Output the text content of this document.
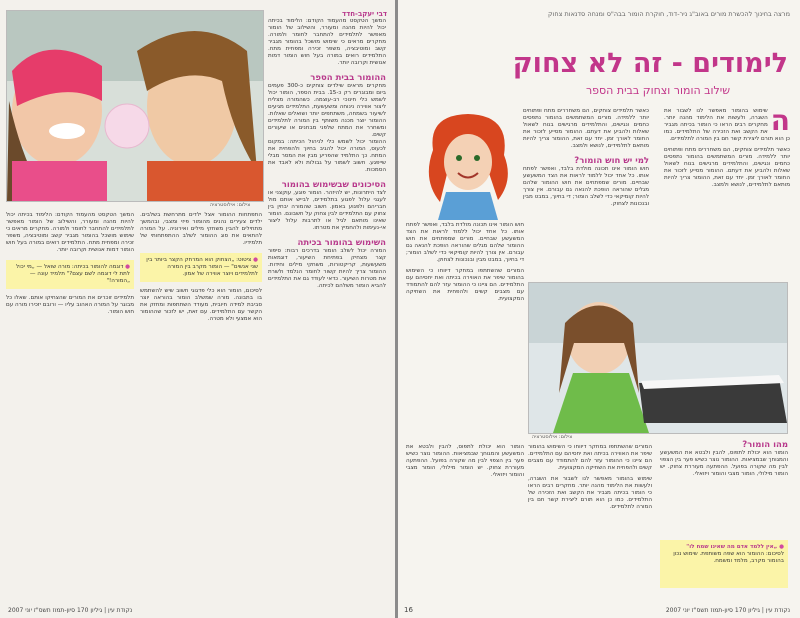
דבי יעקב-חדד
צילום: אילוסטרציה
המשך הטקסט מהעמוד הקודם: הלימוד בכיתה יכול להיות מהנה ומעורר, והשילוב של הומור מאפשר לתלמידים להתחבר לחומר ולמורה. מחקרים מראים כי שימוש מושכל בהומור מגביר קשב ומוטיבציה, משפר זכירה ומפחית מתח. התלמידים רואים במורה בעל חוש הומור דמות אנושית וקרובה יותר.
ההומור בבית הספר
מחקרים מראים שילדים צוחקים כ-300 פעמים ביום ומבוגרים רק כ-15. בבית הספר, הומור יכול לשמש כלי חינוכי רב-עוצמה. כשהמורה מצליח ליצור אווירה נינוחה ומשעשעת, התלמידים מגיעים לשיעור בשמחה, משתתפים יותר ושואלים שאלות. ההומור יוצר מכנה משותף בין המורה לתלמידים ומשחרר את המתח שלפני מבחנים או שיעורים קשים.
ההומור יכול לשמש כלי לניהול הכיתה: במקום לכעוס, המורה יכול להגיב בחיוך ולהפחית את המתח. כך התלמיד שהפריע מבין את המסר מבלי שייפגע. חשוב לשמור על גבולות ולא לאבד את הסמכות.
הסיכונים שבשימוש בהומור
לצד היתרונות, יש להיזהר. הומור פוגע, עוקצני או לעגני עלול לפגוע בתלמידים, לבייש אותם מול חבריהם ולפגוע באמון. חשוב שהמורה יבחין בין צחוק עם התלמידים לבין צחוק על חשבונם. הומור שאינו מותאם לגיל או לתרבות עלול ליצור אי-נעימות ולהחמיץ את מטרתו.
השימוש בהומור בכיתה
המורה יכול לשלב הומור בדרכים רבות: סיפור קצר מצחיק בפתיחת השיעור, דוגמאות משעשעות, קריקטורות, משחקי מילים וחידות. ההומור צריך להיות קשור לחומר הנלמד ולשרת את מטרות השיעור. כדאי לעודד גם את התלמידים להביא הומור משלהם לכיתה.
התפתחות ההומור אצל ילדים מתרחשת בשלבים. ילדים צעירים נהנים מהומור פיזי ומצבי, ובהמשך מתחילים להבין משחקי מילים ואירוניה. על המורה להתאים את סוג ההומור לשלב ההתפתחותי של תלמידיו.
● ציטוט: „הצחוק הוא המרחק הקצר ביותר בין שני אנשים" — הומור מקרב בין המורה לתלמידים ויוצר אווירה של אמון.
לסיכום, הומור הוא כלי פדגוגי חשוב שיש להשתמש בו בתבונה. מורה שמשלב הומור בהוראה יוצר סביבת למידה חיובית, מעודד השתתפות ומחזק את הקשר עם התלמידים. עם זאת, יש לזכור שההומור הוא אמצעי ולא מטרה.
המשך הטקסט מהעמוד הקודם: הלימוד בכיתה יכול להיות מהנה ומעורר, והשילוב של הומור מאפשר לתלמידים להתחבר לחומר ולמורה. מחקרים מראים כי שימוש מושכל בהומור מגביר קשב ומוטיבציה, משפר זכירה ומפחית מתח. התלמידים רואים במורה בעל חוש הומור דמות אנושית וקרובה יותר.
● דוגמה להומור בכיתה: מורה שואל — „מי יכול לתת לי דוגמה לשם עצם?" תלמיד עונה — „המורה!"
תלמידים זוכרים את המורים שהצחיקו אותם. שאלו כל מבוגר על המורה האהוב עליו — ורובם יזכירו מורה עם חוש הומור.
נקודת עין | גיליון 170 סיון-תמוז תשס"ז יוני 2007
מרצה בחינוך להכשרת מורים באוב"ג ניר-דוד, חוקרת הומור בבה"ס ומנחה סדנאות צחוק
לימודים - זה לא צחוק
שילוב הומור וצחוק בבית הספר
ה
שימוש בהומור מאפשר לנו לשבור את השגרה, ולעשות את הלימוד מהנה יותר. מחקרים רבים הראו כי הומור בכיתה מגביר את הקשב ואת הזכירה של התלמידים. כמו כן הוא תורם ליצירת קשר חם בין המורה לתלמידים.
כאשר תלמידים צוחקים, הם משחררים מתח ופתוחים יותר ללמידה. מורים המשתמשים בהומור נתפסים כחמים ונגישים, והתלמידים מרגישים בנוח לשאול שאלות ולהביע את דעתם. ההומור מסייע לזכור את החומר לאורך זמן. יחד עם זאת, ההומור צריך להיות מותאם לתלמידים, לנושא ולמצב.
כאשר תלמידים צוחקים, הם משחררים מתח ופתוחים יותר ללמידה. מורים המשתמשים בהומור נתפסים כחמים ונגישים, והתלמידים מרגישים בנוח לשאול שאלות ולהביע את דעתם. ההומור מסייע לזכור את החומר לאורך זמן. יחד עם זאת, ההומור צריך להיות מותאם לתלמידים, לנושא ולמצב.
למי יש חוש הומור?
חוש הומור אינו תכונה מולדת בלבד, ואפשר לפתח אותו. כל אחד יכול ללמוד לראות את הצד המשעשע שבחיים. מורים שמפתחים את חוש ההומור שלהם מגלים שהוראה הופכת להנאה גם עבורם. אין צורך להיות קומיקאי כדי לשלב הומור; די בחיוך, במבט מבין ובנכונות לצחוק.
צילום: אילוסטרציה
חוש הומור אינו תכונה מולדת בלבד, ואפשר לפתח אותו. כל אחד יכול ללמוד לראות את הצד המשעשע שבחיים. מורים שמפתחים את חוש ההומור שלהם מגלים שהוראה הופכת להנאה גם עבורם. אין צורך להיות קומיקאי כדי לשלב הומור; די בחיוך, במבט מבין ובנכונות לצחוק.
המורים שהשתתפו במחקר דיווחו כי השימוש בהומור שיפר את האווירה בכיתה ואת יחסיהם עם התלמידים. הם ציינו כי ההומור עזר להם להתמודד עם מצבים קשים ולהפחית את השחיקה המקצועית.
מהו הומור?
הומור הוא יכולת לתפוס, להבין ולבטא את המשעשע והמגוחך שבמציאות. ההומור נוצר כשיש פער בין הצפוי לבין מה שקורה בפועל. ההפתעה מעוררת צחוק. יש הומור מילולי, הומור מצבי והומור ויזואלי.
● „אין ללמד אדם מה שאינו שמח לו"
לסיכום: ההומור הוא שפה משותפת. שימוש נכון בהומור מקרב, מלמד ומשמח.
המורים שהשתתפו במחקר דיווחו כי השימוש בהומור שיפר את האווירה בכיתה ואת יחסיהם עם התלמידים. הם ציינו כי ההומור עזר להם להתמודד עם מצבים קשים ולהפחית את השחיקה המקצועית.
שימוש בהומור מאפשר לנו לשבור את השגרה, ולעשות את הלימוד מהנה יותר. מחקרים רבים הראו כי הומור בכיתה מגביר את הקשב ואת הזכירה של התלמידים. כמו כן הוא תורם ליצירת קשר חם בין המורה לתלמידים.
הומור הוא יכולת לתפוס, להבין ולבטא את המשעשע והמגוחך שבמציאות. ההומור נוצר כשיש פער בין הצפוי לבין מה שקורה בפועל. ההפתעה מעוררת צחוק. יש הומור מילולי, הומור מצבי והומור ויזואלי.
נקודת עין | גיליון 170 סיון-תמוז תשס"ז יוני 2007
16
